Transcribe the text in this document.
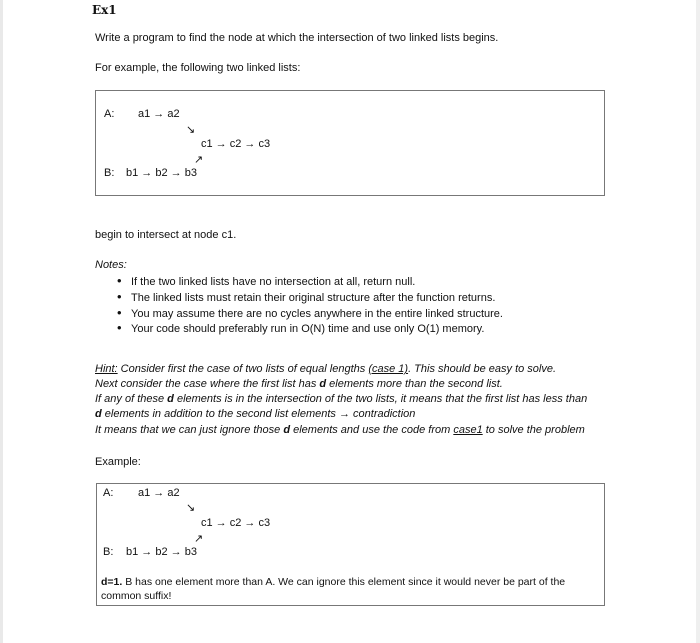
Ex1
Write a program to find the node at which the intersection of two linked lists begins.
For example, the following two linked lists:
A: a1 → a2
↘
c1 → c2 → c3
↗
B: b1 → b2 → b3
begin to intersect at node c1.
Notes:
• If the two linked lists have no intersection at all, return null.
• The linked lists must retain their original structure after the function returns.
• You may assume there are no cycles anywhere in the entire linked structure.
• Your code should preferably run in O(N) time and use only O(1) memory.
Hint: Consider first the case of two lists of equal lengths (case 1). This should be easy to solve.
Next consider the case where the first list has d elements more than the second list.
If any of these d elements is in the intersection of the two lists, it means that the first list has less than
d elements in addition to the second list elements → contradiction
It means that we can just ignore those d elements and use the code from case1 to solve the problem
Example:
A: a1 → a2
↘
c1 → c2 → c3
↗
B: b1 → b2 → b3
d=1. B has one element more than A. We can ignore this element since it would never be part of the common suffix!
